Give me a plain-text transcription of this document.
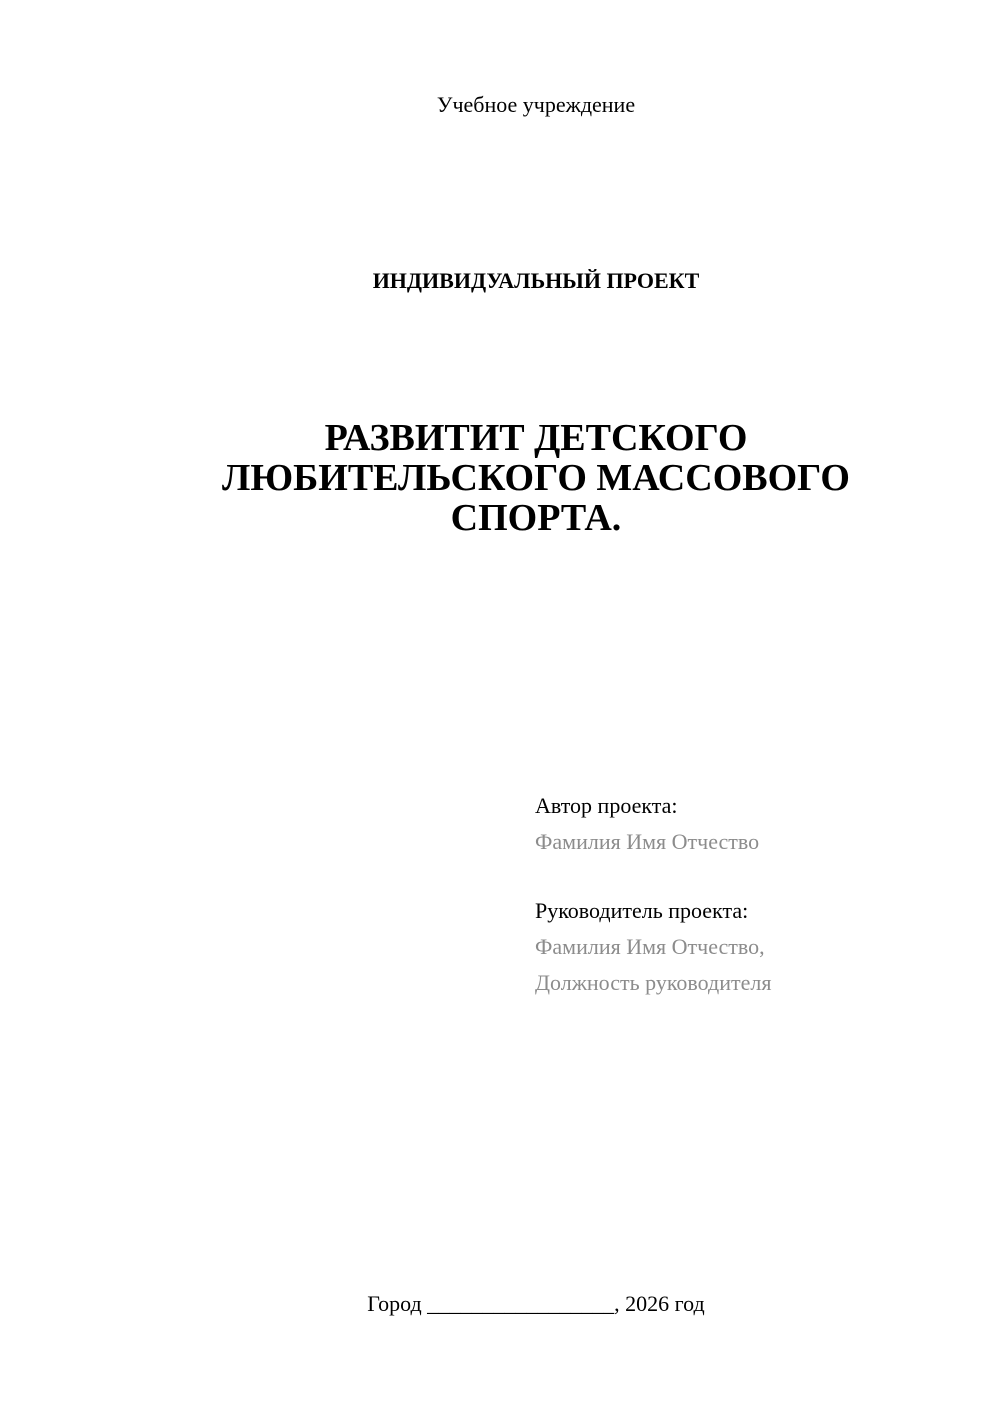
Учебное учреждение
ИНДИВИДУАЛЬНЫЙ ПРОЕКТ
РАЗВИТИТ ДЕТСКОГО
ЛЮБИТЕЛЬСКОГО МАССОВОГО
СПОРТА.
Автор проекта:
Фамилия Имя Отчество
Руководитель проекта:
Фамилия Имя Отчество,
Должность руководителя
Город _________________, 2026 год
